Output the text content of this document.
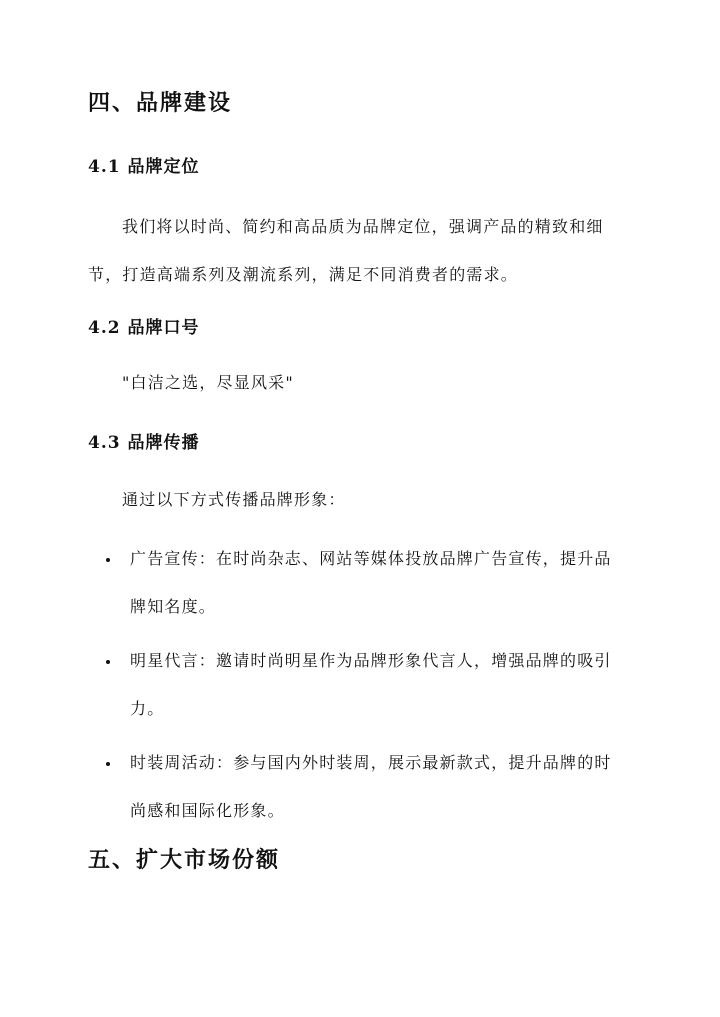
四、品牌建设
4.1 品牌定位

我们将以时尚、简约和高品质为品牌定位，强调产品的精致和细节，打造高端系列及潮流系列，满足不同消费者的需求。

4.2 品牌口号

"白洁之选，尽显风采"

4.3 品牌传播

通过以下方式传播品牌形象：

广告宣传：在时尚杂志、网站等媒体投放品牌广告宣传，提升品牌知名度。
明星代言：邀请时尚明星作为品牌形象代言人，增强品牌的吸引力。
时装周活动：参与国内外时装周，展示最新款式，提升品牌的时尚感和国际化形象。
五、扩大市场份额
